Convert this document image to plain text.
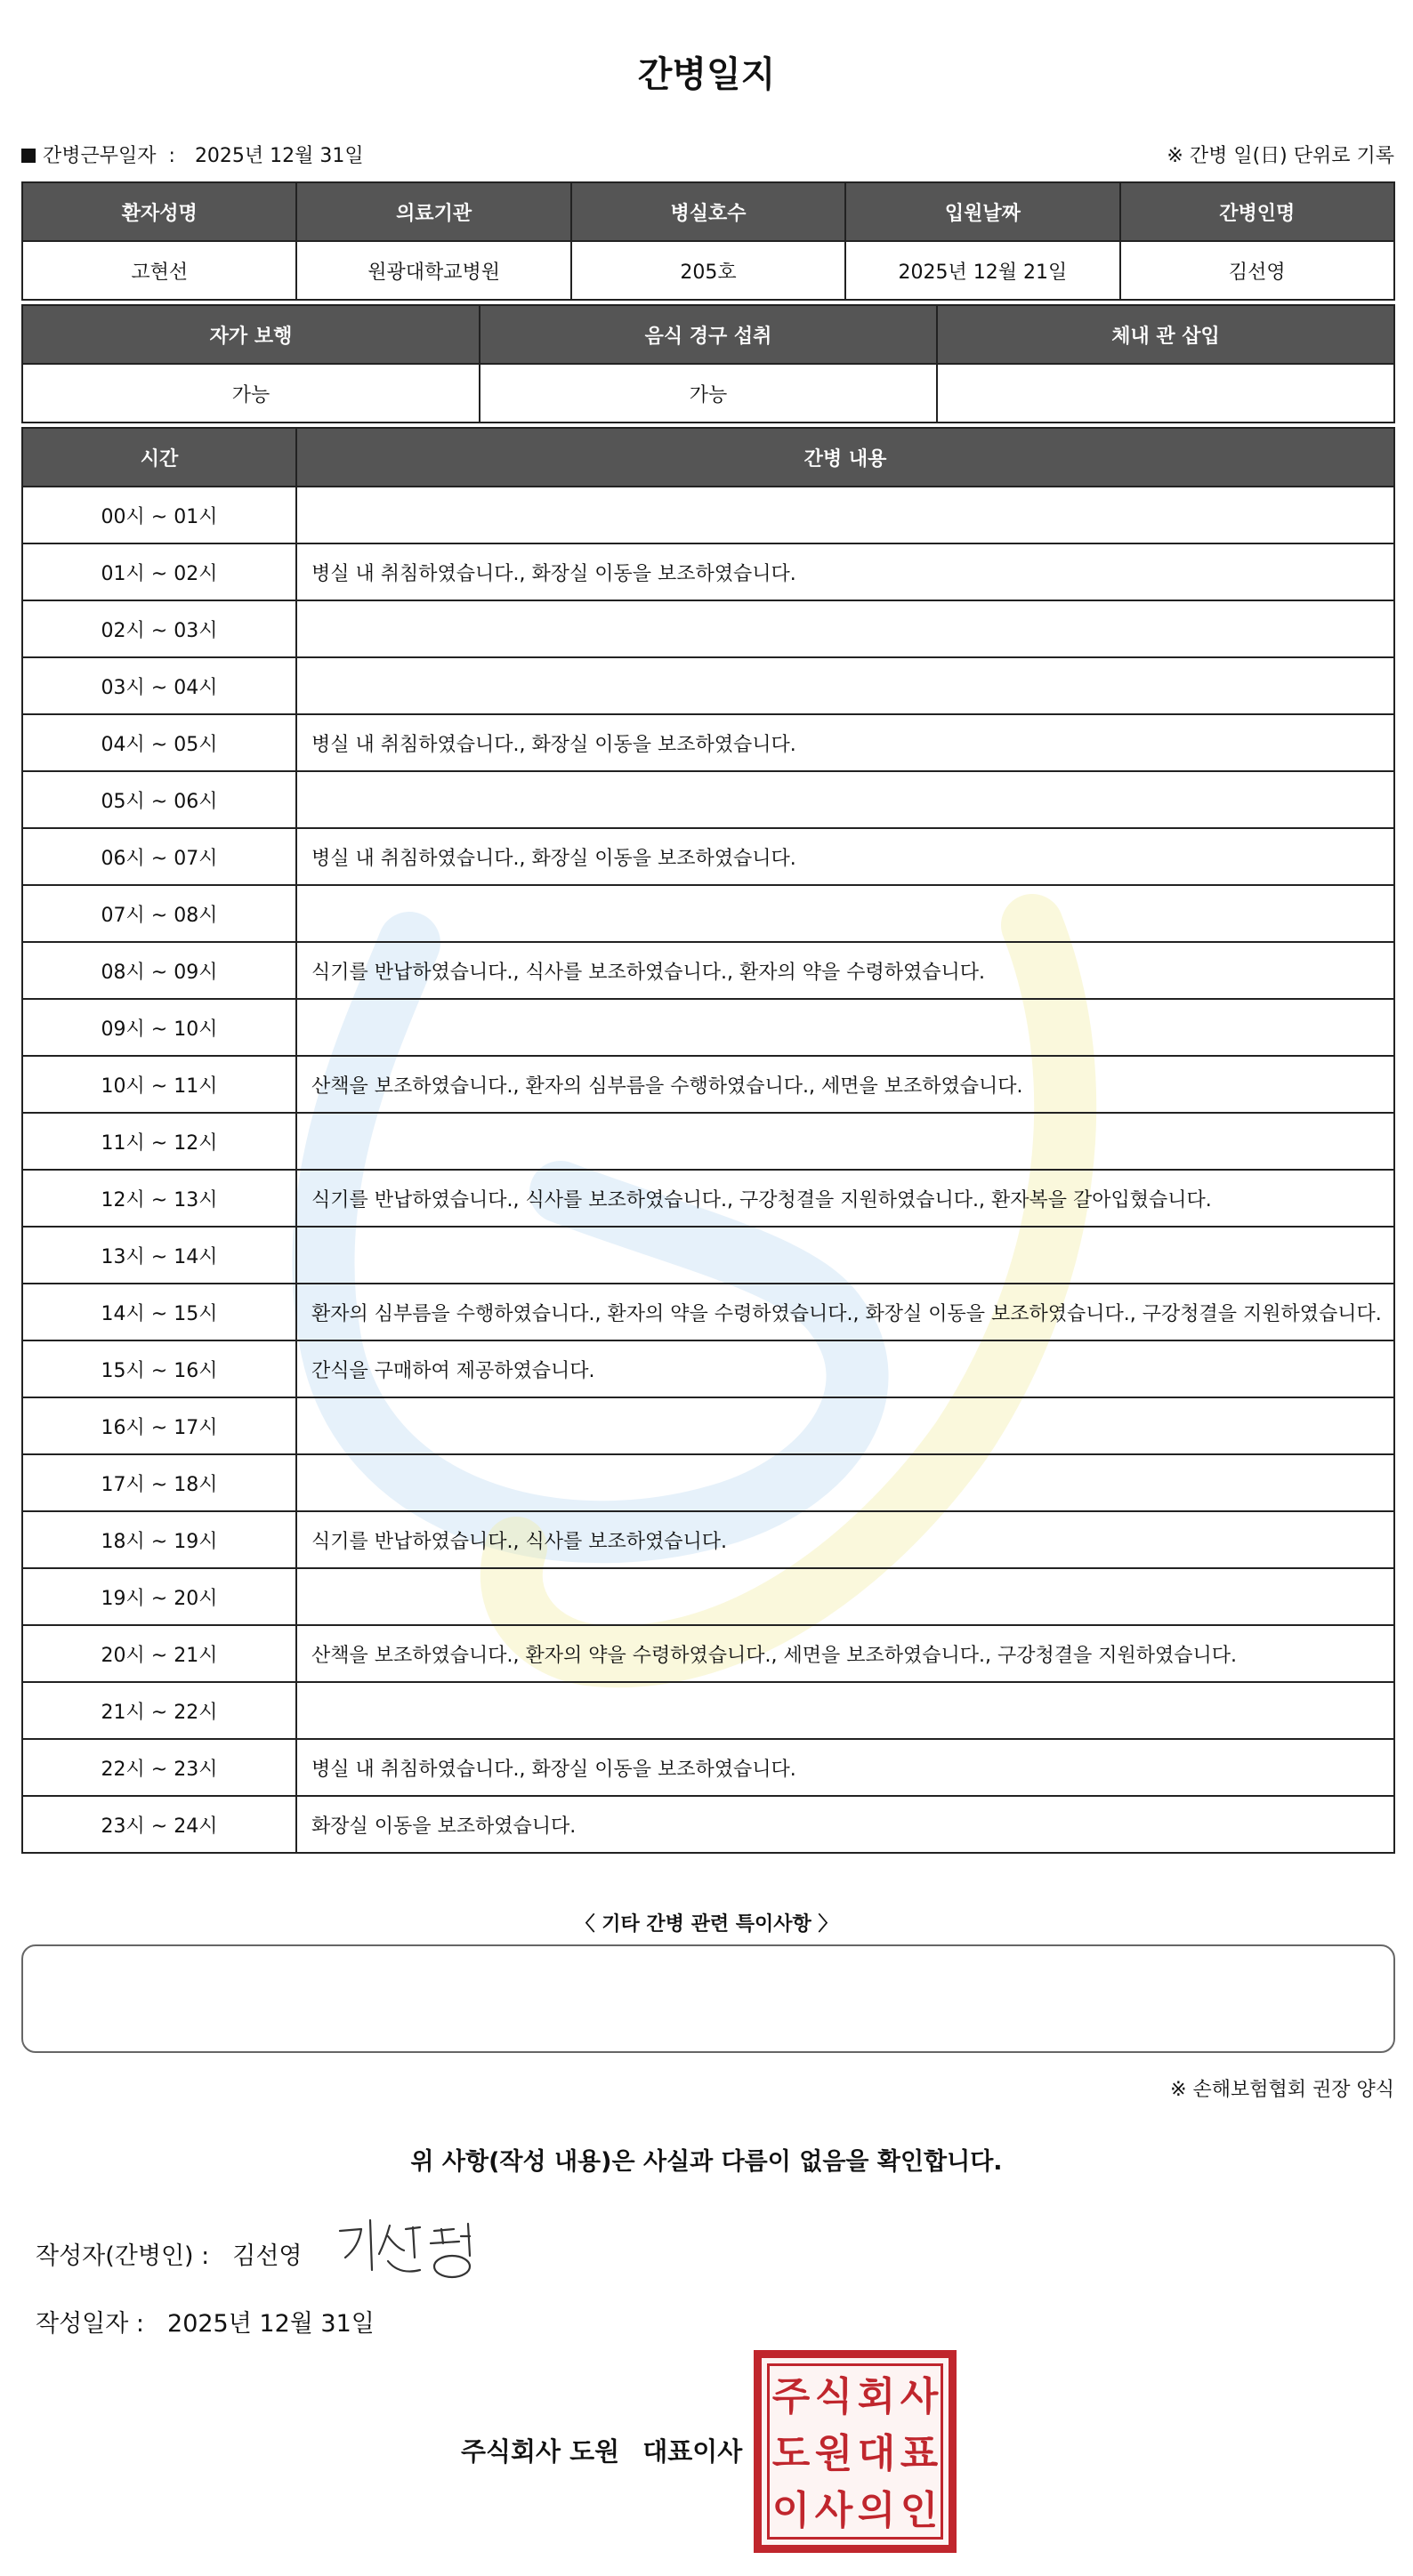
간병일지
간병근무일자 : 2025년 12월 31일	※ 간병 일(日) 단위로 기록
환자성명	의료기관	병실호수	입원날짜	간병인명
고현선	원광대학교병원	205호	2025년 12월 21일	김선영
자가 보행	음식 경구 섭취	체내 관 삽입
가능	가능	
시간	간병 내용
00시 ~ 01시	
01시 ~ 02시	병실 내 취침하였습니다., 화장실 이동을 보조하였습니다.
02시 ~ 03시	
03시 ~ 04시	
04시 ~ 05시	병실 내 취침하였습니다., 화장실 이동을 보조하였습니다.
05시 ~ 06시	
06시 ~ 07시	병실 내 취침하였습니다., 화장실 이동을 보조하였습니다.
07시 ~ 08시	
08시 ~ 09시	식기를 반납하였습니다., 식사를 보조하였습니다., 환자의 약을 수령하였습니다.
09시 ~ 10시	
10시 ~ 11시	산책을 보조하였습니다., 환자의 심부름을 수행하였습니다., 세면을 보조하였습니다.
11시 ~ 12시	
12시 ~ 13시	식기를 반납하였습니다., 식사를 보조하였습니다., 구강청결을 지원하였습니다., 환자복을 갈아입혔습니다.
13시 ~ 14시	
14시 ~ 15시	환자의 심부름을 수행하였습니다., 환자의 약을 수령하였습니다., 화장실 이동을 보조하였습니다., 구강청결을 지원하였습니다.
15시 ~ 16시	간식을 구매하여 제공하였습니다.
16시 ~ 17시	
17시 ~ 18시	
18시 ~ 19시	식기를 반납하였습니다., 식사를 보조하였습니다.
19시 ~ 20시	
20시 ~ 21시	산책을 보조하였습니다., 환자의 약을 수령하였습니다., 세면을 보조하였습니다., 구강청결을 지원하였습니다.
21시 ~ 22시	
22시 ~ 23시	병실 내 취침하였습니다., 화장실 이동을 보조하였습니다.
23시 ~ 24시	화장실 이동을 보조하였습니다.
〈 기타 간병 관련 특이사항 〉
※ 손해보험협회 권장 양식
위 사항(작성 내용)은 사실과 다름이 없음을 확인합니다.
작성자(간병인) : 김선영
작성일자 : 2025년 12월 31일
주식회사 도원 대표이사
주 식 회 사
도 원 대 표
이 사 의 인
